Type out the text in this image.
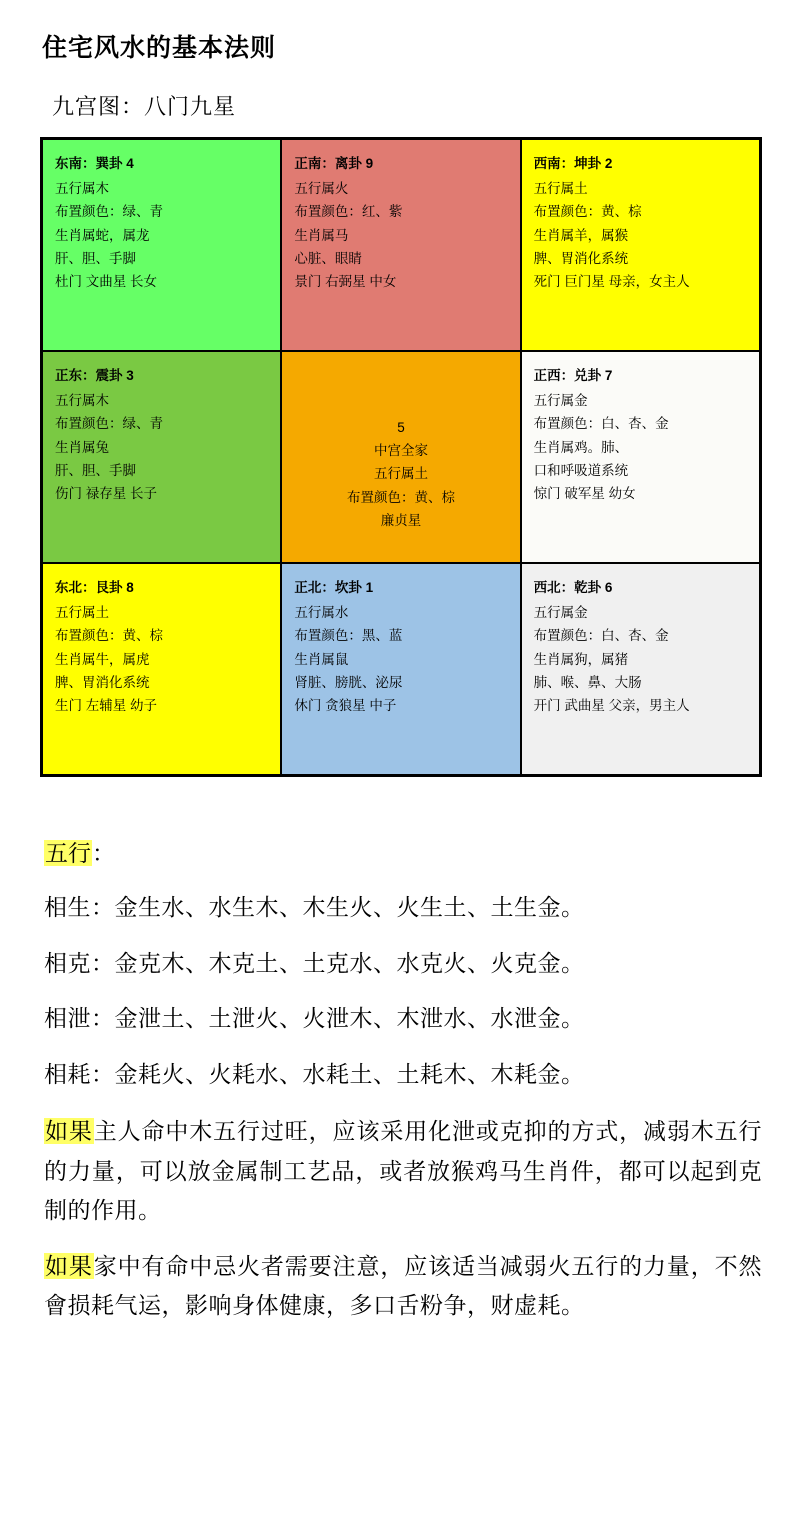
住宅风水的基本法则
九宫图：八门九星
东南：巽卦 4
五行属木
布置颜色：绿、青
生肖属蛇，属龙
肝、胆、手脚
杜门 文曲星 长女
正南：离卦 9
五行属火
布置颜色：红、紫
生肖属马
心脏、眼睛
景门 右弼星 中女
西南：坤卦 2
五行属土
布置颜色：黄、棕
生肖属羊，属猴
脾、胃消化系统
死门 巨门星 母亲，女主人
正东：震卦 3
五行属木
布置颜色：绿、青
生肖属兔
肝、胆、手脚
伤门 禄存星 长子
5
中宫全家
五行属土
布置颜色：黄、棕
廉贞星
正西：兑卦 7
五行属金
布置颜色：白、杏、金
生肖属鸡。肺、
口和呼吸道系统
惊门 破军星 幼女
东北：艮卦 8
五行属土
布置颜色：黄、棕
生肖属牛，属虎
脾、胃消化系统
生门 左辅星 幼子
正北：坎卦 1
五行属水
布置颜色：黑、蓝
生肖属鼠
肾脏、膀胱、泌尿
休门 贪狼星 中子
西北：乾卦 6
五行属金
布置颜色：白、杏、金
生肖属狗，属猪
肺、喉、鼻、大肠
开门 武曲星 父亲，男主人
五行：
相生：金生水、水生木、木生火、火生土、土生金。
相克：金克木、木克土、土克水、水克火、火克金。
相泄：金泄土、土泄火、火泄木、木泄水、水泄金。
相耗：金耗火、火耗水、水耗土、土耗木、木耗金。
如果主人命中木五行过旺，应该采用化泄或克抑的方式，减弱木五行的力量，可以放金属制工艺品，或者放猴鸡马生肖件，都可以起到克制的作用。
如果家中有命中忌火者需要注意，应该适当减弱火五行的力量，不然會损耗气运，影响身体健康，多口舌粉争，财虚耗。
